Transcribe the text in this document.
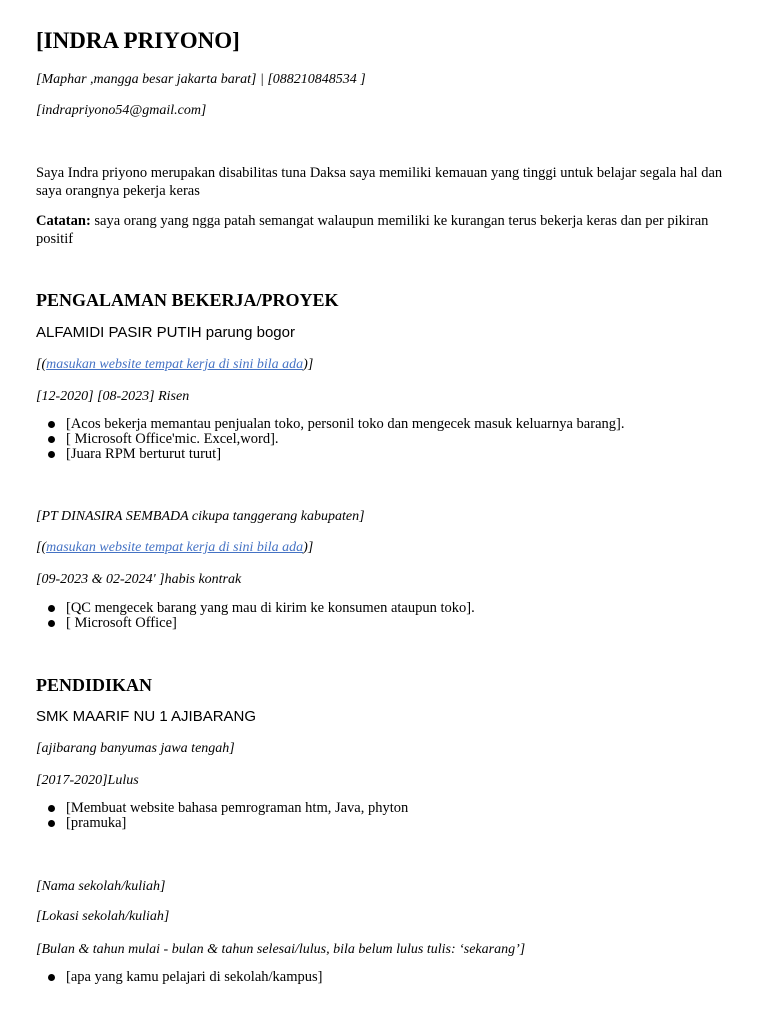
[INDRA PRIYONO]
[Maphar ,mangga besar jakarta barat] | [088210848534 ]
[indrapriyono54@gmail.com]
Saya Indra priyono merupakan disabilitas tuna Daksa saya memiliki kemauan yang tinggi untuk belajar segala hal dan saya orangnya pekerja keras
Catatan: saya orang yang ngga patah semangat walaupun memiliki ke kurangan terus bekerja keras dan per pikiran positif
PENGALAMAN BEKERJA/PROYEK
ALFAMIDI PASIR PUTIH parung bogor
[(masukan website tempat kerja di sini bila ada)]
[12-2020] [08-2023] Risen
[Acos bekerja memantau penjualan toko, personil toko dan mengecek masuk keluarnya barang].
[ Microsoft Office'mic. Excel,word].
[Juara RPM berturut turut]
[PT DINASIRA SEMBADA cikupa tanggerang kabupaten]
[(masukan website tempat kerja di sini bila ada)]
[09-2023 & 02-2024' ]habis kontrak
[QC mengecek barang yang mau di kirim ke konsumen ataupun toko].
[ Microsoft Office]
PENDIDIKAN
SMK MAARIF NU 1 AJIBARANG
[ajibarang banyumas jawa tengah]
[2017-2020]Lulus
[Membuat website bahasa pemrograman htm, Java, phyton
[pramuka]
[Nama sekolah/kuliah]
[Lokasi sekolah/kuliah]
[Bulan & tahun mulai - bulan & tahun selesai/lulus, bila belum lulus tulis: ‘sekarang’]
[apa yang kamu pelajari di sekolah/kampus]
